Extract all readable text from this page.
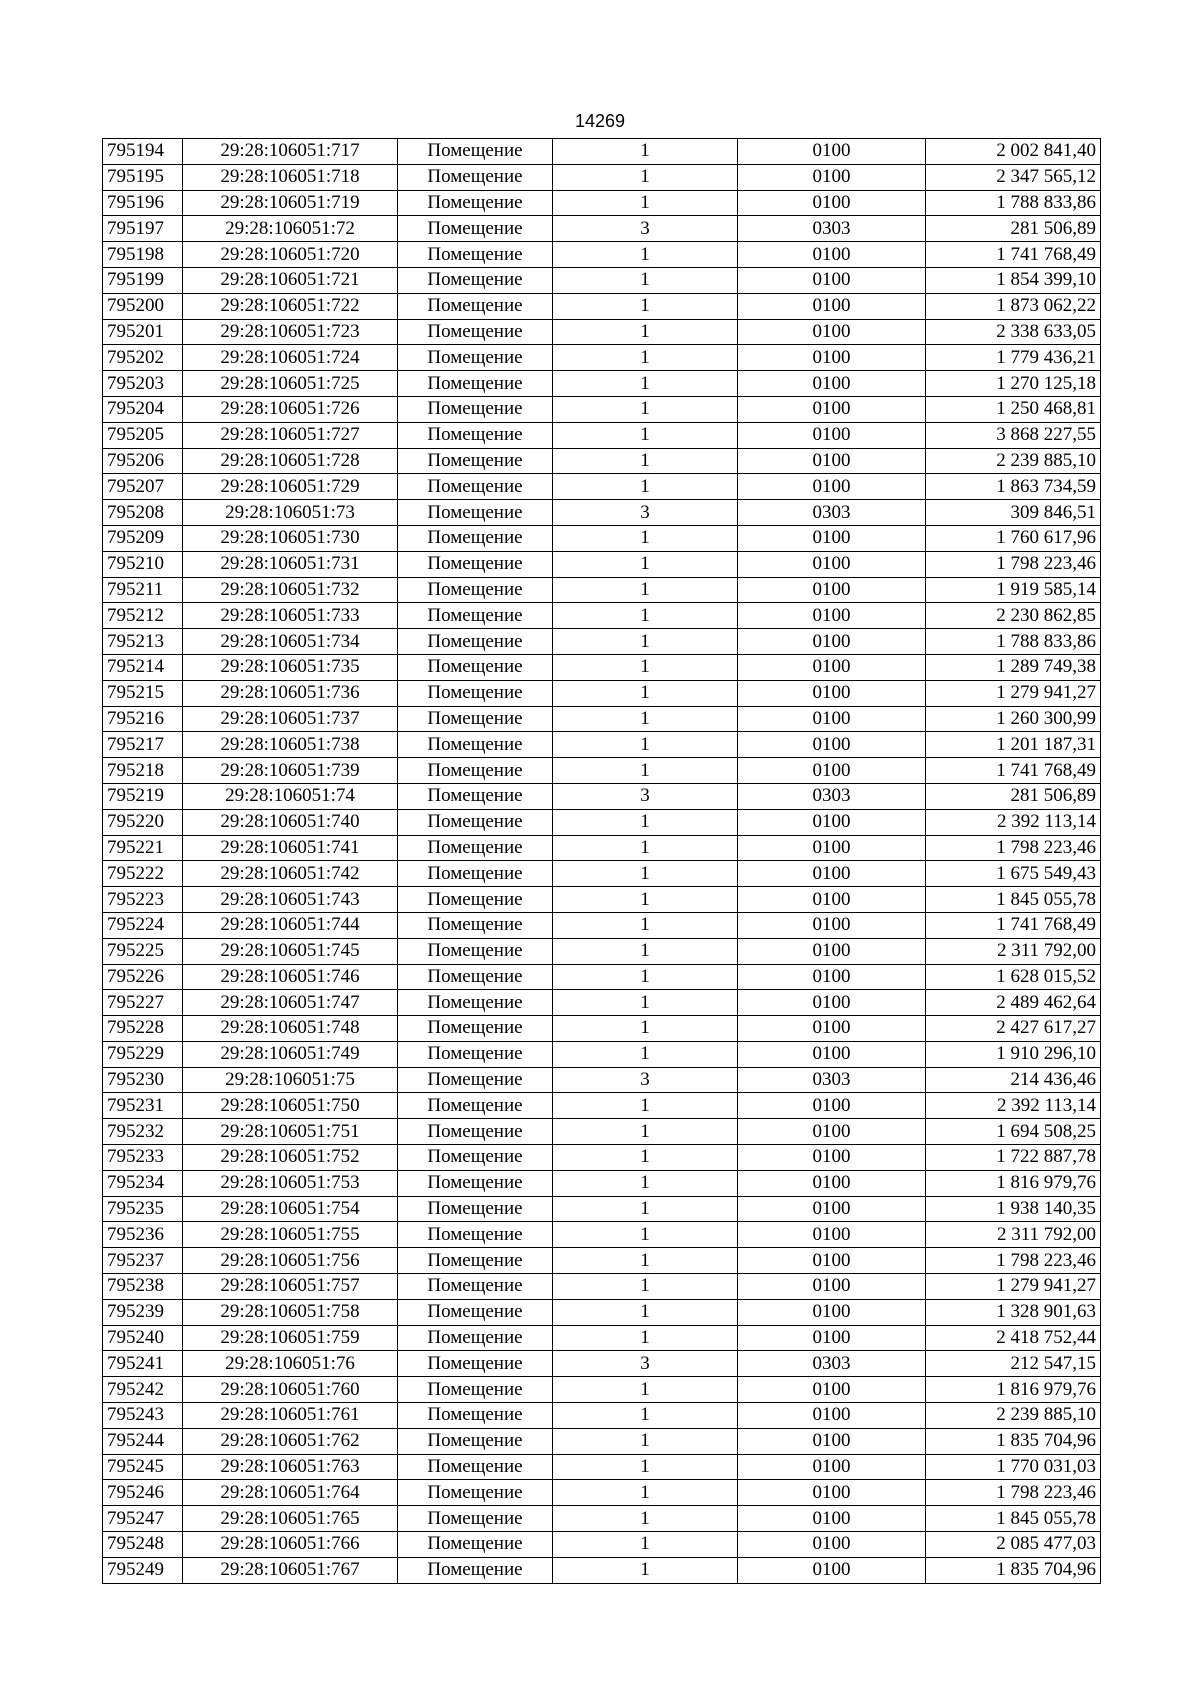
14269
795194	29:28:106051:717	Помещение	1	0100	2 002 841,40
795195	29:28:106051:718	Помещение	1	0100	2 347 565,12
795196	29:28:106051:719	Помещение	1	0100	1 788 833,86
795197	29:28:106051:72	Помещение	3	0303	281 506,89
795198	29:28:106051:720	Помещение	1	0100	1 741 768,49
795199	29:28:106051:721	Помещение	1	0100	1 854 399,10
795200	29:28:106051:722	Помещение	1	0100	1 873 062,22
795201	29:28:106051:723	Помещение	1	0100	2 338 633,05
795202	29:28:106051:724	Помещение	1	0100	1 779 436,21
795203	29:28:106051:725	Помещение	1	0100	1 270 125,18
795204	29:28:106051:726	Помещение	1	0100	1 250 468,81
795205	29:28:106051:727	Помещение	1	0100	3 868 227,55
795206	29:28:106051:728	Помещение	1	0100	2 239 885,10
795207	29:28:106051:729	Помещение	1	0100	1 863 734,59
795208	29:28:106051:73	Помещение	3	0303	309 846,51
795209	29:28:106051:730	Помещение	1	0100	1 760 617,96
795210	29:28:106051:731	Помещение	1	0100	1 798 223,46
795211	29:28:106051:732	Помещение	1	0100	1 919 585,14
795212	29:28:106051:733	Помещение	1	0100	2 230 862,85
795213	29:28:106051:734	Помещение	1	0100	1 788 833,86
795214	29:28:106051:735	Помещение	1	0100	1 289 749,38
795215	29:28:106051:736	Помещение	1	0100	1 279 941,27
795216	29:28:106051:737	Помещение	1	0100	1 260 300,99
795217	29:28:106051:738	Помещение	1	0100	1 201 187,31
795218	29:28:106051:739	Помещение	1	0100	1 741 768,49
795219	29:28:106051:74	Помещение	3	0303	281 506,89
795220	29:28:106051:740	Помещение	1	0100	2 392 113,14
795221	29:28:106051:741	Помещение	1	0100	1 798 223,46
795222	29:28:106051:742	Помещение	1	0100	1 675 549,43
795223	29:28:106051:743	Помещение	1	0100	1 845 055,78
795224	29:28:106051:744	Помещение	1	0100	1 741 768,49
795225	29:28:106051:745	Помещение	1	0100	2 311 792,00
795226	29:28:106051:746	Помещение	1	0100	1 628 015,52
795227	29:28:106051:747	Помещение	1	0100	2 489 462,64
795228	29:28:106051:748	Помещение	1	0100	2 427 617,27
795229	29:28:106051:749	Помещение	1	0100	1 910 296,10
795230	29:28:106051:75	Помещение	3	0303	214 436,46
795231	29:28:106051:750	Помещение	1	0100	2 392 113,14
795232	29:28:106051:751	Помещение	1	0100	1 694 508,25
795233	29:28:106051:752	Помещение	1	0100	1 722 887,78
795234	29:28:106051:753	Помещение	1	0100	1 816 979,76
795235	29:28:106051:754	Помещение	1	0100	1 938 140,35
795236	29:28:106051:755	Помещение	1	0100	2 311 792,00
795237	29:28:106051:756	Помещение	1	0100	1 798 223,46
795238	29:28:106051:757	Помещение	1	0100	1 279 941,27
795239	29:28:106051:758	Помещение	1	0100	1 328 901,63
795240	29:28:106051:759	Помещение	1	0100	2 418 752,44
795241	29:28:106051:76	Помещение	3	0303	212 547,15
795242	29:28:106051:760	Помещение	1	0100	1 816 979,76
795243	29:28:106051:761	Помещение	1	0100	2 239 885,10
795244	29:28:106051:762	Помещение	1	0100	1 835 704,96
795245	29:28:106051:763	Помещение	1	0100	1 770 031,03
795246	29:28:106051:764	Помещение	1	0100	1 798 223,46
795247	29:28:106051:765	Помещение	1	0100	1 845 055,78
795248	29:28:106051:766	Помещение	1	0100	2 085 477,03
795249	29:28:106051:767	Помещение	1	0100	1 835 704,96
